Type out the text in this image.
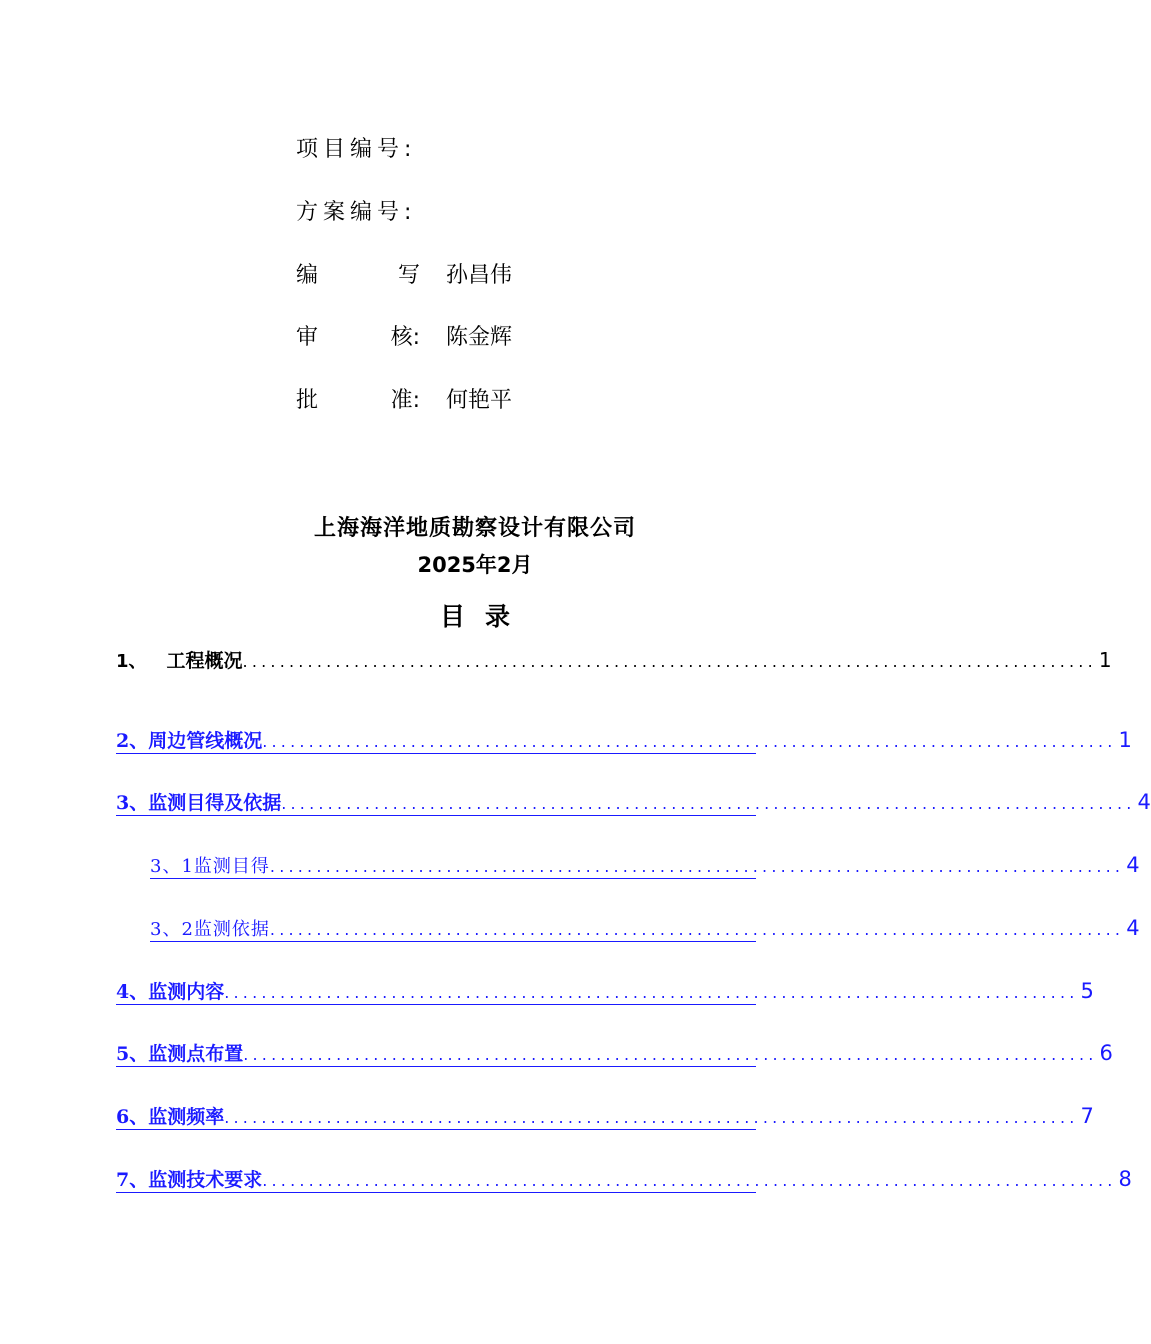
项目编号:
方案编号:
编	写 孙昌伟
审	核: 陈金辉
批	准: 何艳平
上海海洋地质勘察设计有限公司
2025年2月
目录
1、 工程概况 ............................................................................................ 1
2、周边管线概况 ............................................................................................ 1
3、监测目得及依据 ............................................................................................ 4
3、1监测目得 ............................................................................................ 4
3、2监测依据 ............................................................................................ 4
4、监测内容 ............................................................................................ 5
5、监测点布置 ............................................................................................ 6
6、监测频率 ............................................................................................ 7
7、监测技术要求 ............................................................................................ 8
